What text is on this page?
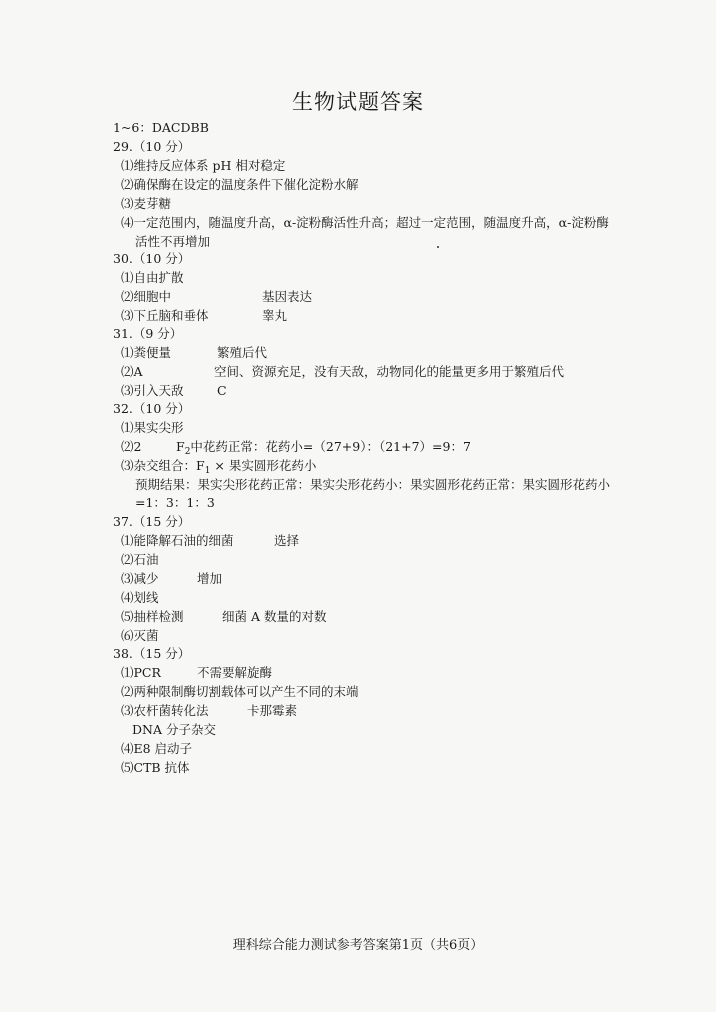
生物试题答案
1~6：DACDBB
29.（10 分）
⑴维持反应体系 pH 相对稳定
⑵确保酶在设定的温度条件下催化淀粉水解
⑶麦芽糖
⑷一定范围内，随温度升高，α-淀粉酶活性升高；超过一定范围，随温度升高，α-淀粉酶
活性不再增加
30.（10 分）
⑴自由扩散
⑵细胞中	基因表达
⑶下丘脑和垂体	睾丸
31.（9 分）
⑴粪便量	繁殖后代
⑵A	空间、资源充足，没有天敌，动物同化的能量更多用于繁殖后代
⑶引入天敌	C
32.（10 分）
⑴果实尖形
⑵2	$F_2$中花药正常：花药小=（27+9）：（21+7）=9：7
⑶杂交组合：$F_1$ × 果实圆形花药小
预期结果：果实尖形花药正常：果实尖形花药小：果实圆形花药正常：果实圆形花药小
=1：3：1：3
37.（15 分）
⑴能降解石油的细菌	选择
⑵石油
⑶减少	增加
⑷划线
⑸抽样检测	细菌 A 数量的对数
⑹灭菌
38.（15 分）
⑴PCR	不需要解旋酶
⑵两种限制酶切割载体可以产生不同的末端
⑶农杆菌转化法	卡那霉素
DNA 分子杂交
⑷E8 启动子
⑸CTB 抗体
理科综合能力测试参考答案第1页（共6页）
